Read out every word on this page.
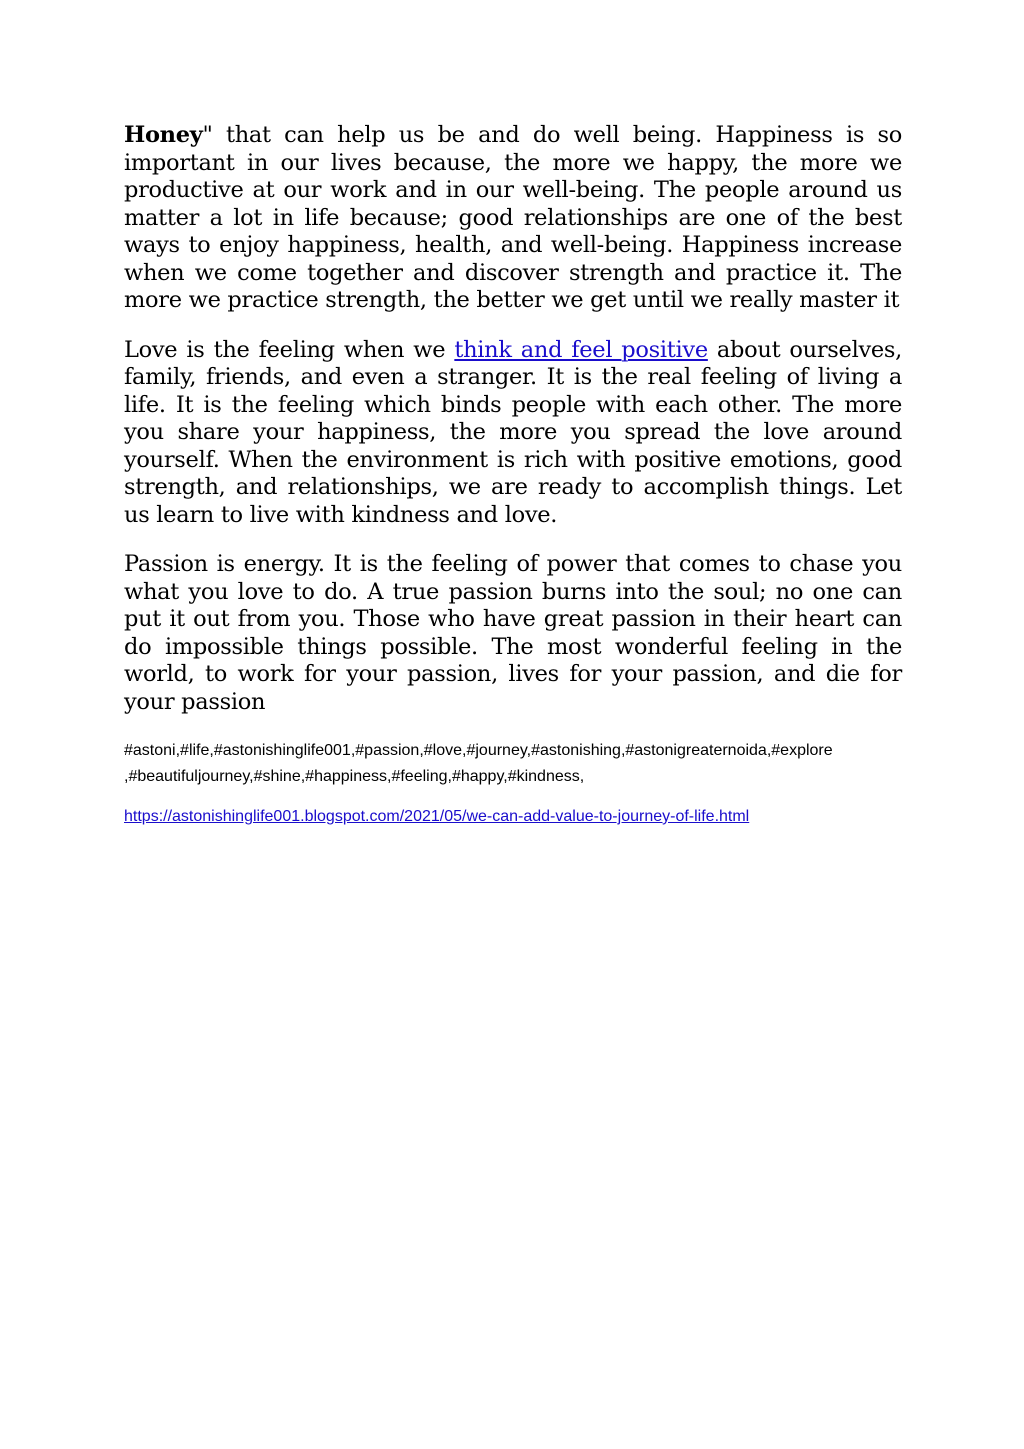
Honey" that can help us be and do well being. Happiness is so important in our lives because, the more we happy, the more we productive at our work and in our well-being. The people around us matter a lot in life because; good relationships are one of the best ways to enjoy happiness, health, and well-being. Happiness increase when we come together and discover strength and practice it. The more we practice strength, the better we get until we really master it

Love is the feeling when we think and feel positive about ourselves, family, friends, and even a stranger. It is the real feeling of living a life. It is the feeling which binds people with each other. The more you share your happiness, the more you spread the love around yourself. When the environment is rich with positive emotions, good strength, and relationships, we are ready to accomplish things. Let us learn to live with kindness and love.

Passion is energy. It is the feeling of power that comes to chase you what you love to do. A true passion burns into the soul; no one can put it out from you. Those who have great passion in their heart can do impossible things possible. The most wonderful feeling in the world, to work for your passion, lives for your passion, and die for your passion

#astoni,#life,#astonishinglife001,#passion,#love,#journey,#astonishing,#astonigreaternoida,#explore
,#beautifuljourney,#shine,#happiness,#feeling,#happy,#kindness,
https://astonishinglife001.blogspot.com/2021/05/we-can-add-value-to-journey-of-life.html
